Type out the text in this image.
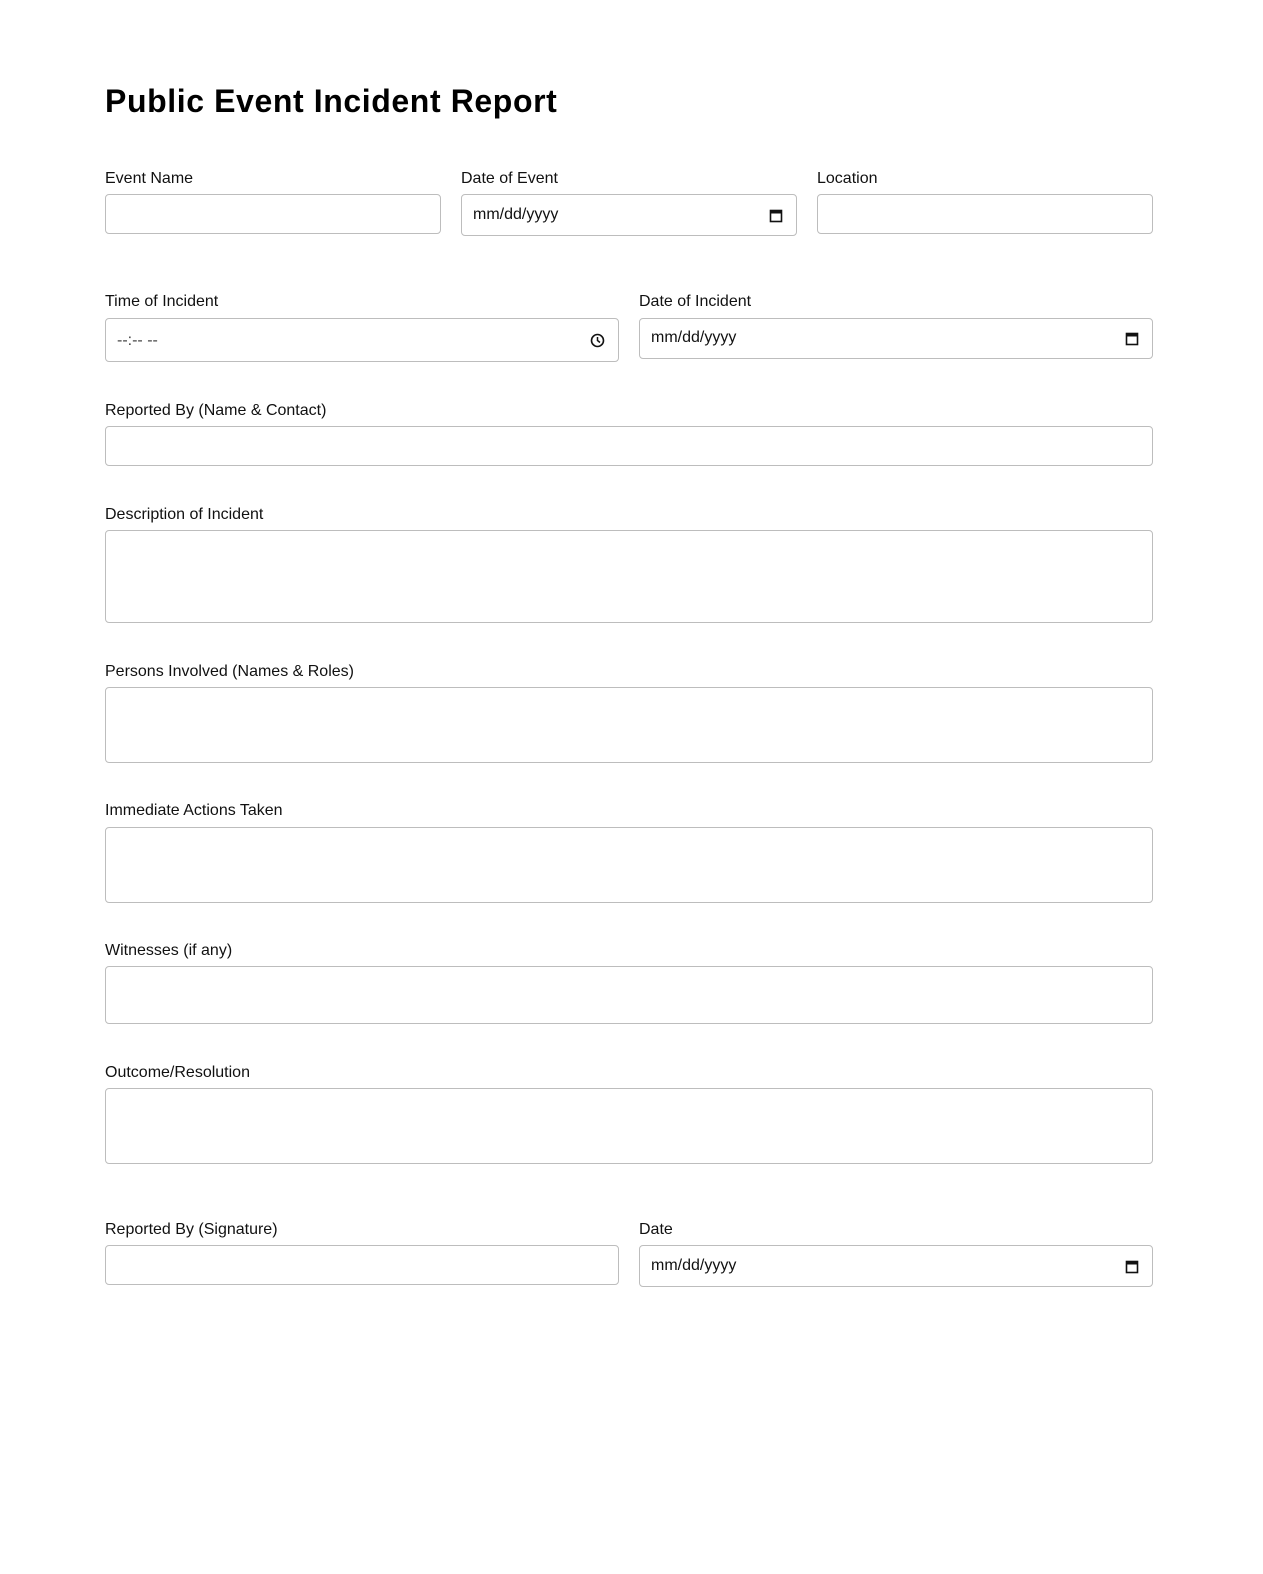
Public Event Incident Report
Event Name	Date of Event
mm/dd/yyyy
Location
Time of Incident
--:-- --
Date of Incident
mm/dd/yyyy
Reported By (Name & Contact)
Description of Incident
Persons Involved (Names & Roles)
Immediate Actions Taken
Witnesses (if any)
Outcome/Resolution
Reported By (Signature)	Date
mm/dd/yyyy
